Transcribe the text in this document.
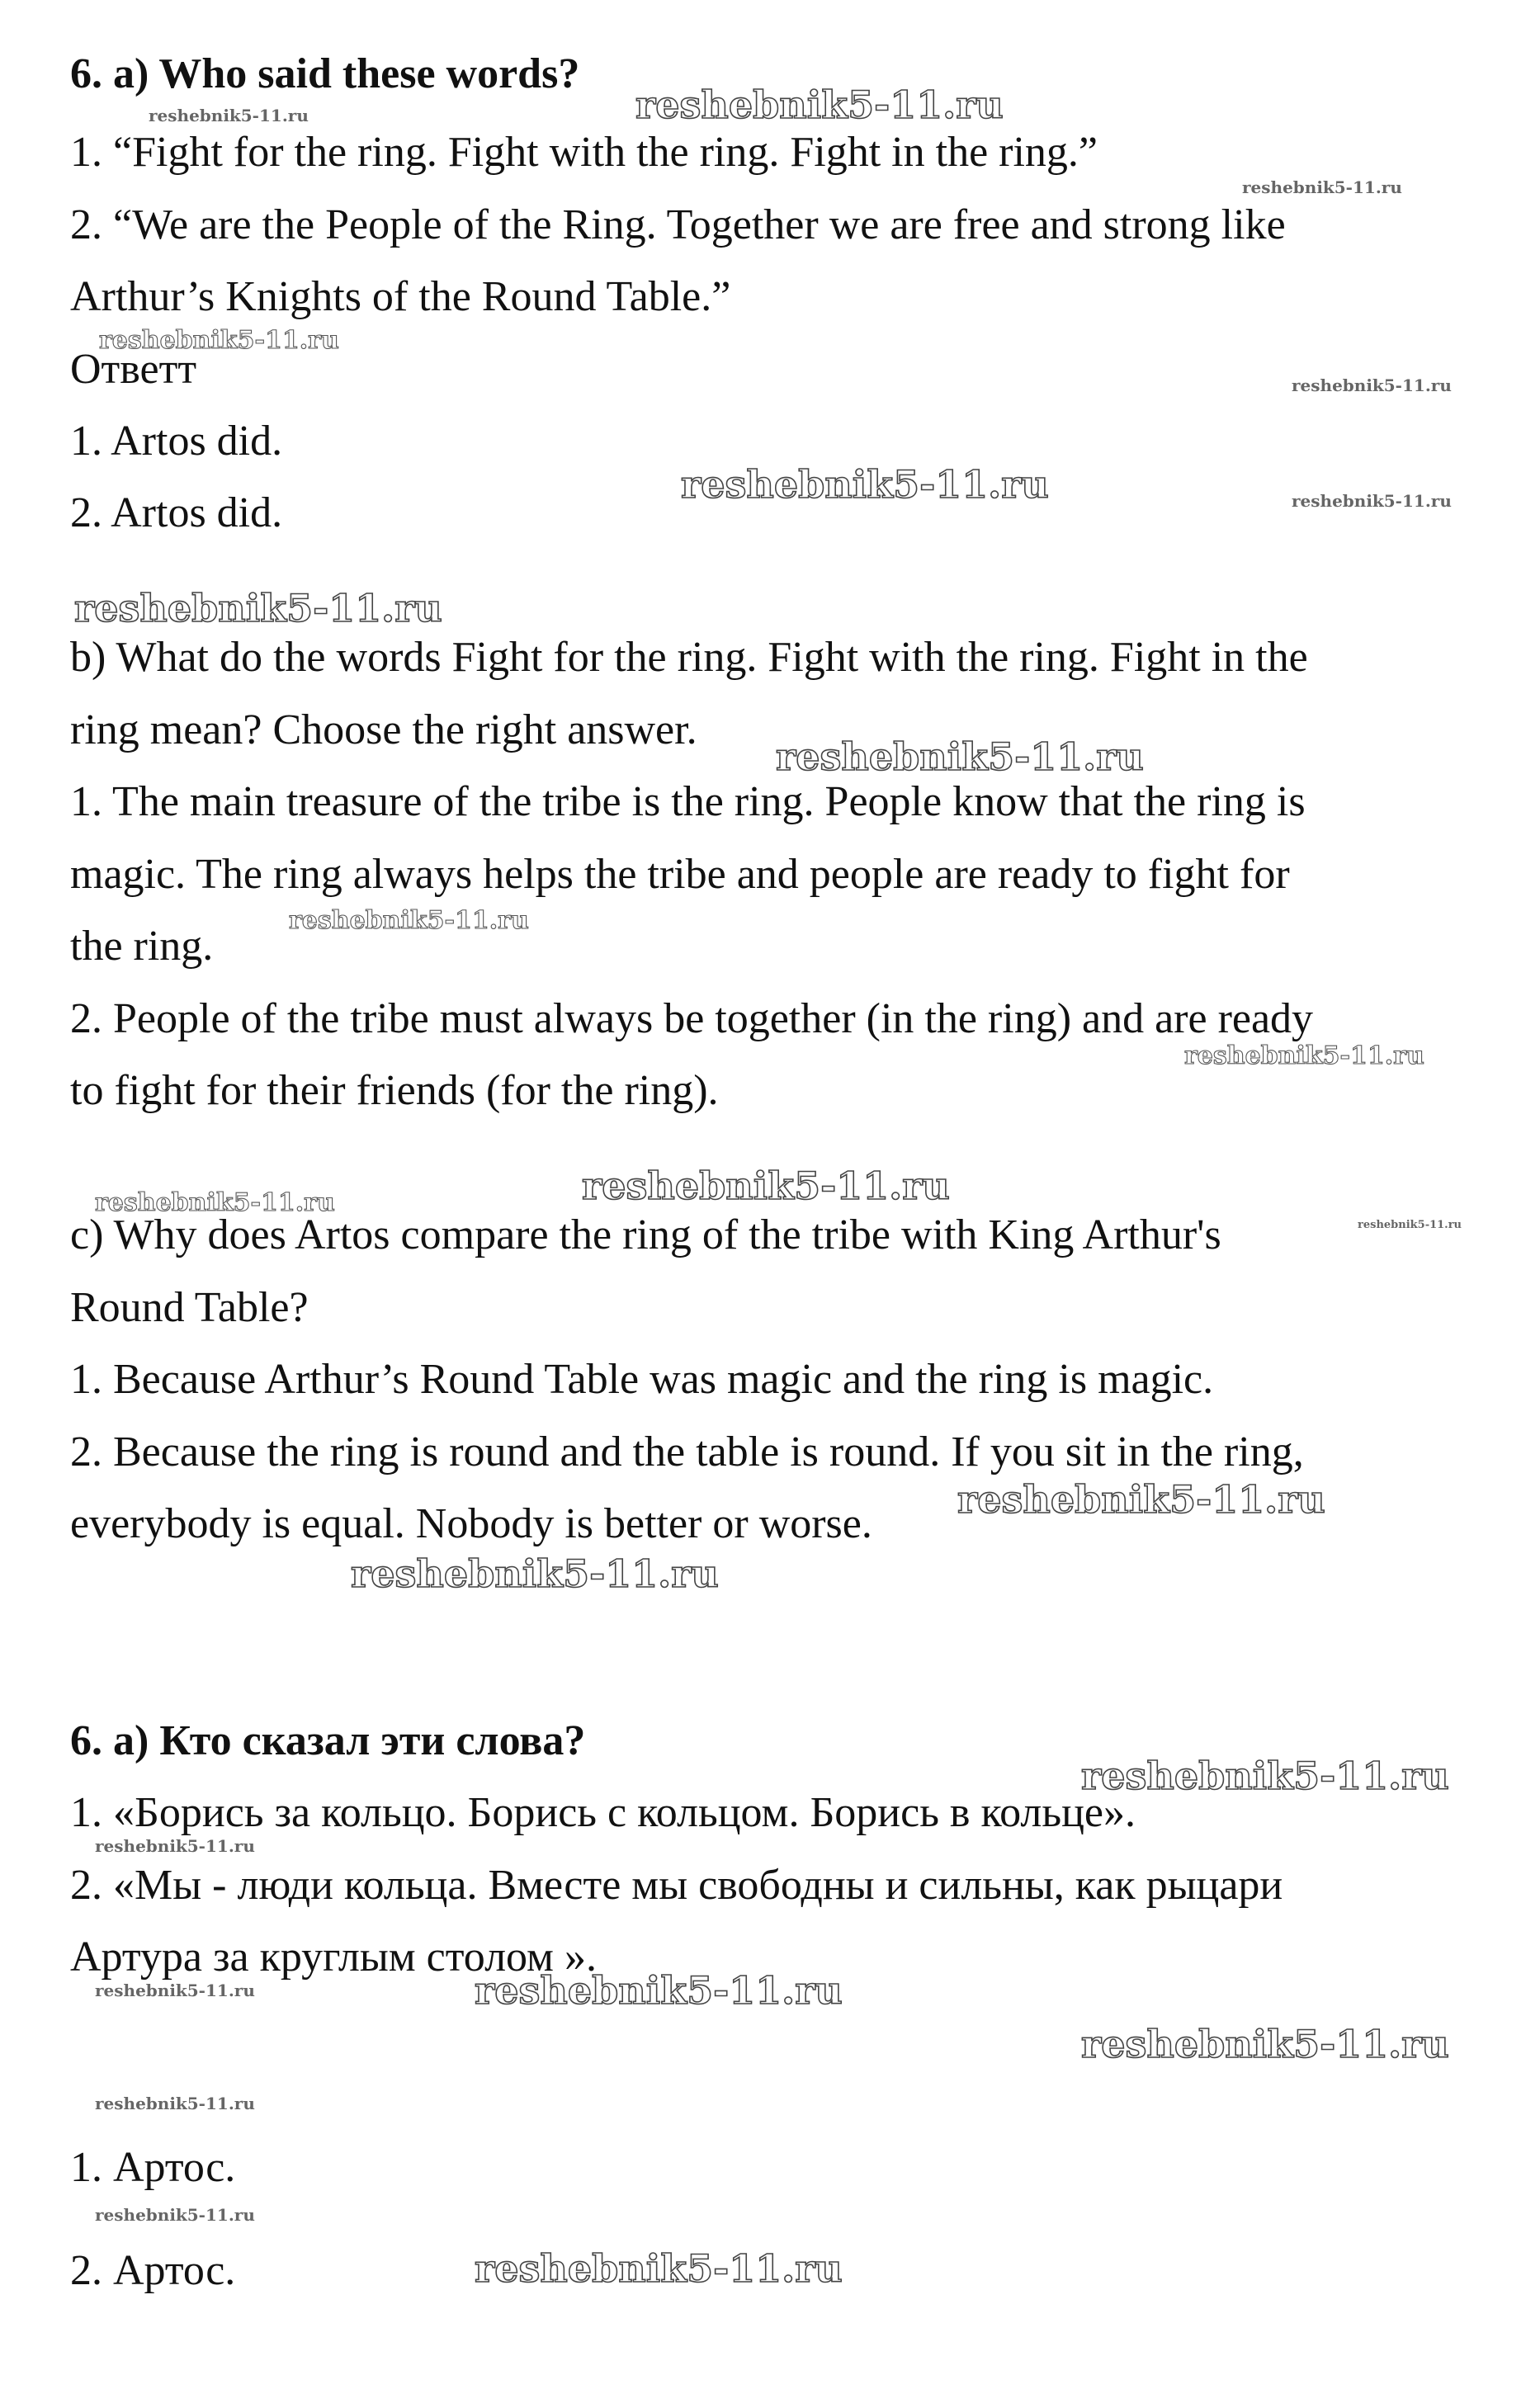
6. a) Who said these words?
1. “Fight for the ring. Fight with the ring. Fight in the ring.”
2. “We are the People of the Ring. Together we are free and strong like
Arthur’s Knights of the Round Table.”
Ответт
1. Artos did.
2. Artos did.
b) What do the words Fight for the ring. Fight with the ring. Fight in the
ring mean? Choose the right answer.
1. The main treasure of the tribe is the ring. People know that the ring is
magic. The ring always helps the tribe and people are ready to fight for
the ring.
2. People of the tribe must always be together (in the ring) and are ready
to fight for their friends (for the ring).
c) Why does Artos compare the ring of the tribe with King Arthur's
Round Table?
1. Because Arthur’s Round Table was magic and the ring is magic.
2. Because the ring is round and the table is round. If you sit in the ring,
everybody is equal. Nobody is better or worse.
6. а) Кто сказал эти слова?
1. «Борись за кольцо. Борись с кольцом. Борись в кольце».
2. «Мы - люди кольца. Вместе мы свободны и сильны, как рыцари
Артура за круглым столом ».
1. Артос.
2. Артос.
reshebnik5-11.ru	reshebnik5-11.ru
reshebnik5-11.ru
reshebnik5-11.ru
reshebnik5-11.ru
reshebnik5-11.ru	reshebnik5-11.ru
reshebnik5-11.ru
reshebnik5-11.ru
reshebnik5-11.ru
reshebnik5-11.ru
reshebnik5-11.ru	reshebnik5-11.ru
reshebnik5-11.ru
reshebnik5-11.ru
reshebnik5-11.ru
reshebnik5-11.ru
reshebnik5-11.ru
reshebnik5-11.ru	reshebnik5-11.ru
reshebnik5-11.ru
reshebnik5-11.ru
reshebnik5-11.ru
reshebnik5-11.ru
